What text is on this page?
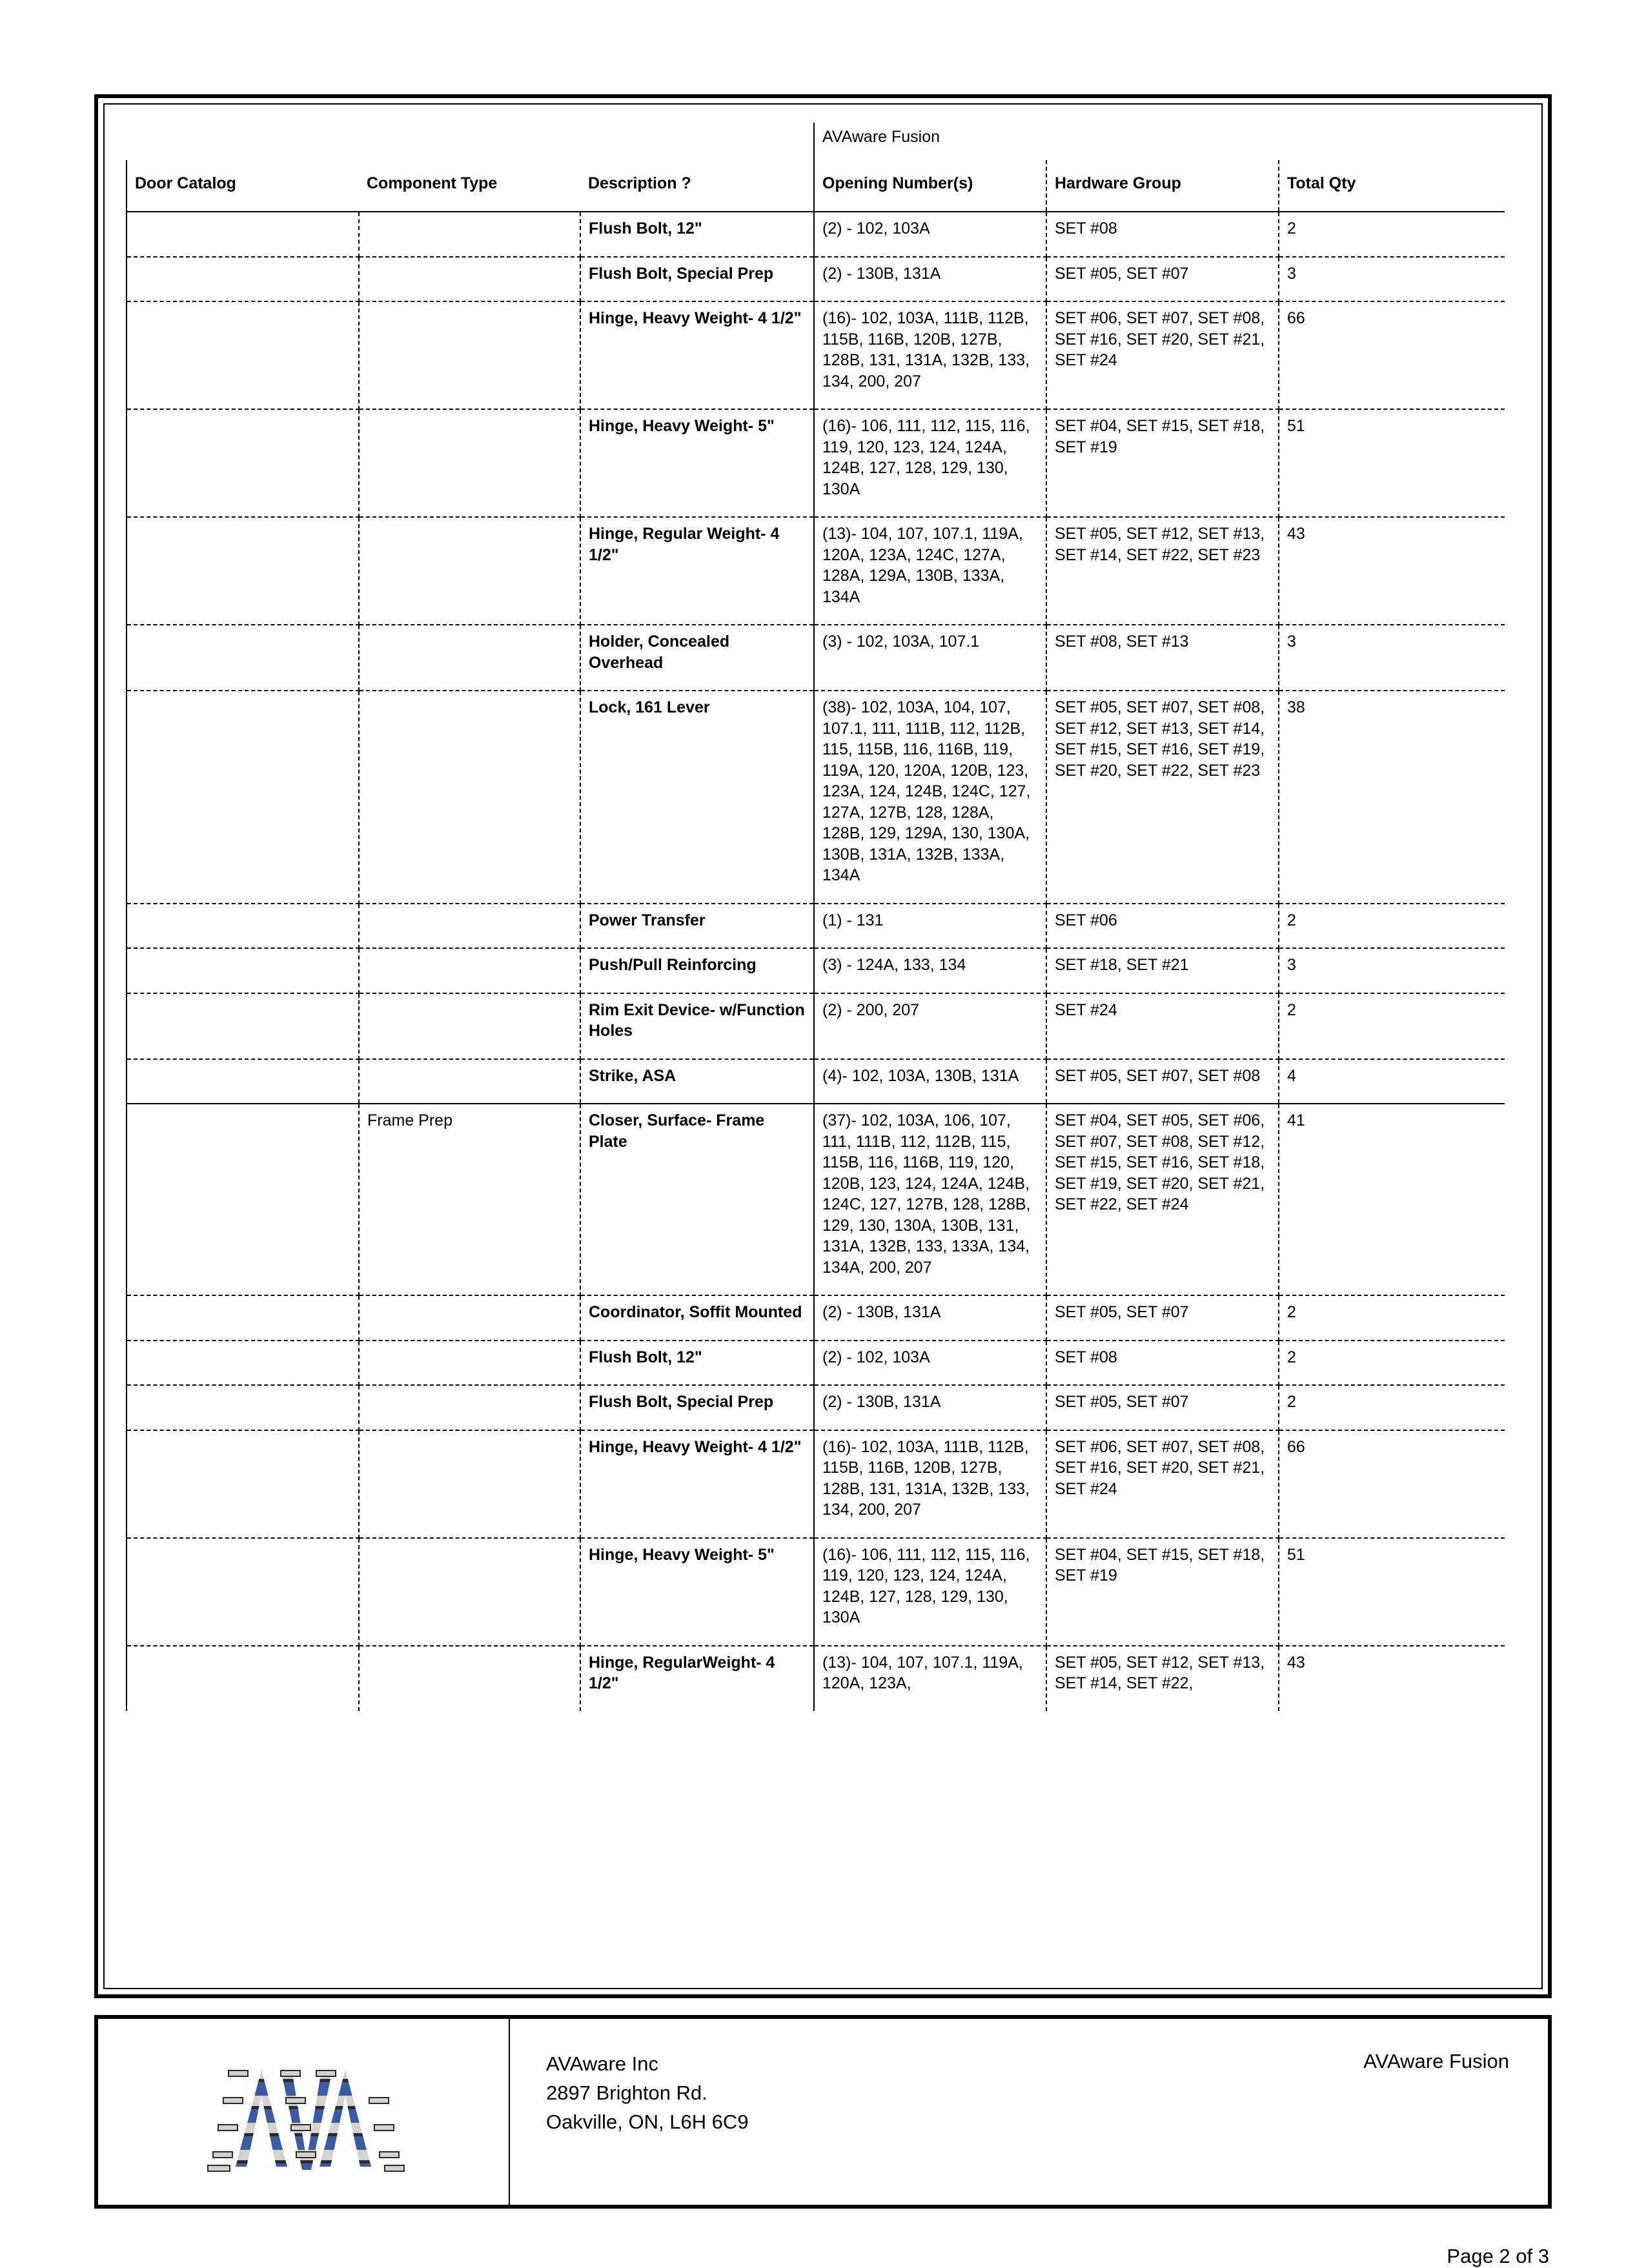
			AVAware Fusion		
Door Catalog	Component Type	Description ?	Opening Number(s)	Hardware Group	Total Qty

		Flush Bolt, 12"	(2) - 102, 103A	SET #08	2
		Flush Bolt, Special Prep	(2) - 130B, 131A	SET #05, SET #07	3
		Hinge, Heavy Weight- 4 1/2"	(16)- 102, 103A, 111B, 112B, 115B, 116B, 120B, 127B, 128B, 131, 131A, 132B, 133, 134, 200, 207	SET #06, SET #07, SET #08, SET #16, SET #20, SET #21, SET #24	66
		Hinge, Heavy Weight- 5"	(16)- 106, 111, 112, 115, 116, 119, 120, 123, 124, 124A, 124B, 127, 128, 129, 130, 130A	SET #04, SET #15, SET #18, SET #19	51
		Hinge, Regular Weight- 4 1/2"	(13)- 104, 107, 107.1, 119A, 120A, 123A, 124C, 127A, 128A, 129A, 130B, 133A, 134A	SET #05, SET #12, SET #13, SET #14, SET #22, SET #23	43
		Holder, Concealed Overhead	(3) - 102, 103A, 107.1	SET #08, SET #13	3
		Lock, 161 Lever	(38)- 102, 103A, 104, 107, 107.1, 111, 111B, 112, 112B, 115, 115B, 116, 116B, 119, 119A, 120, 120A, 120B, 123, 123A, 124, 124B, 124C, 127, 127A, 127B, 128, 128A, 128B, 129, 129A, 130, 130A, 130B, 131A, 132B, 133A, 134A	SET #05, SET #07, SET #08, SET #12, SET #13, SET #14, SET #15, SET #16, SET #19, SET #20, SET #22, SET #23	38
		Power Transfer	(1) - 131	SET #06	2
		Push/Pull Reinforcing	(3) - 124A, 133, 134	SET #18, SET #21	3
		Rim Exit Device- w/Function Holes	(2) - 200, 207	SET #24	2
		Strike, ASA	(4)- 102, 103A, 130B, 131A	SET #05, SET #07, SET #08	4
	Frame Prep	Closer, Surface- Frame Plate	(37)- 102, 103A, 106, 107, 111, 111B, 112, 112B, 115, 115B, 116, 116B, 119, 120, 120B, 123, 124, 124A, 124B, 124C, 127, 127B, 128, 128B, 129, 130, 130A, 130B, 131, 131A, 132B, 133, 133A, 134, 134A, 200, 207	SET #04, SET #05, SET #06, SET #07, SET #08, SET #12, SET #15, SET #16, SET #18, SET #19, SET #20, SET #21, SET #22, SET #24	41
		Coordinator, Soffit Mounted	(2) - 130B, 131A	SET #05, SET #07	2
		Flush Bolt, 12"	(2) - 102, 103A	SET #08	2
		Flush Bolt, Special Prep	(2) - 130B, 131A	SET #05, SET #07	2
		Hinge, Heavy Weight- 4 1/2"	(16)- 102, 103A, 111B, 112B, 115B, 116B, 120B, 127B, 128B, 131, 131A, 132B, 133, 134, 200, 207	SET #06, SET #07, SET #08, SET #16, SET #20, SET #21, SET #24	66
		Hinge, Heavy Weight- 5"	(16)- 106, 111, 112, 115, 116, 119, 120, 123, 124, 124A, 124B, 127, 128, 129, 130, 130A	SET #04, SET #15, SET #18, SET #19	51
		Hinge, RegularWeight- 4 1/2"	(13)- 104, 107, 107.1, 119A, 120A, 123A,	SET #05, SET #12, SET #13, SET #14, SET #22,	43
AVAware Inc
2897 Brighton Rd.
Oakville, ON, L6H 6C9
AVAware Fusion
Page 2 of 3
